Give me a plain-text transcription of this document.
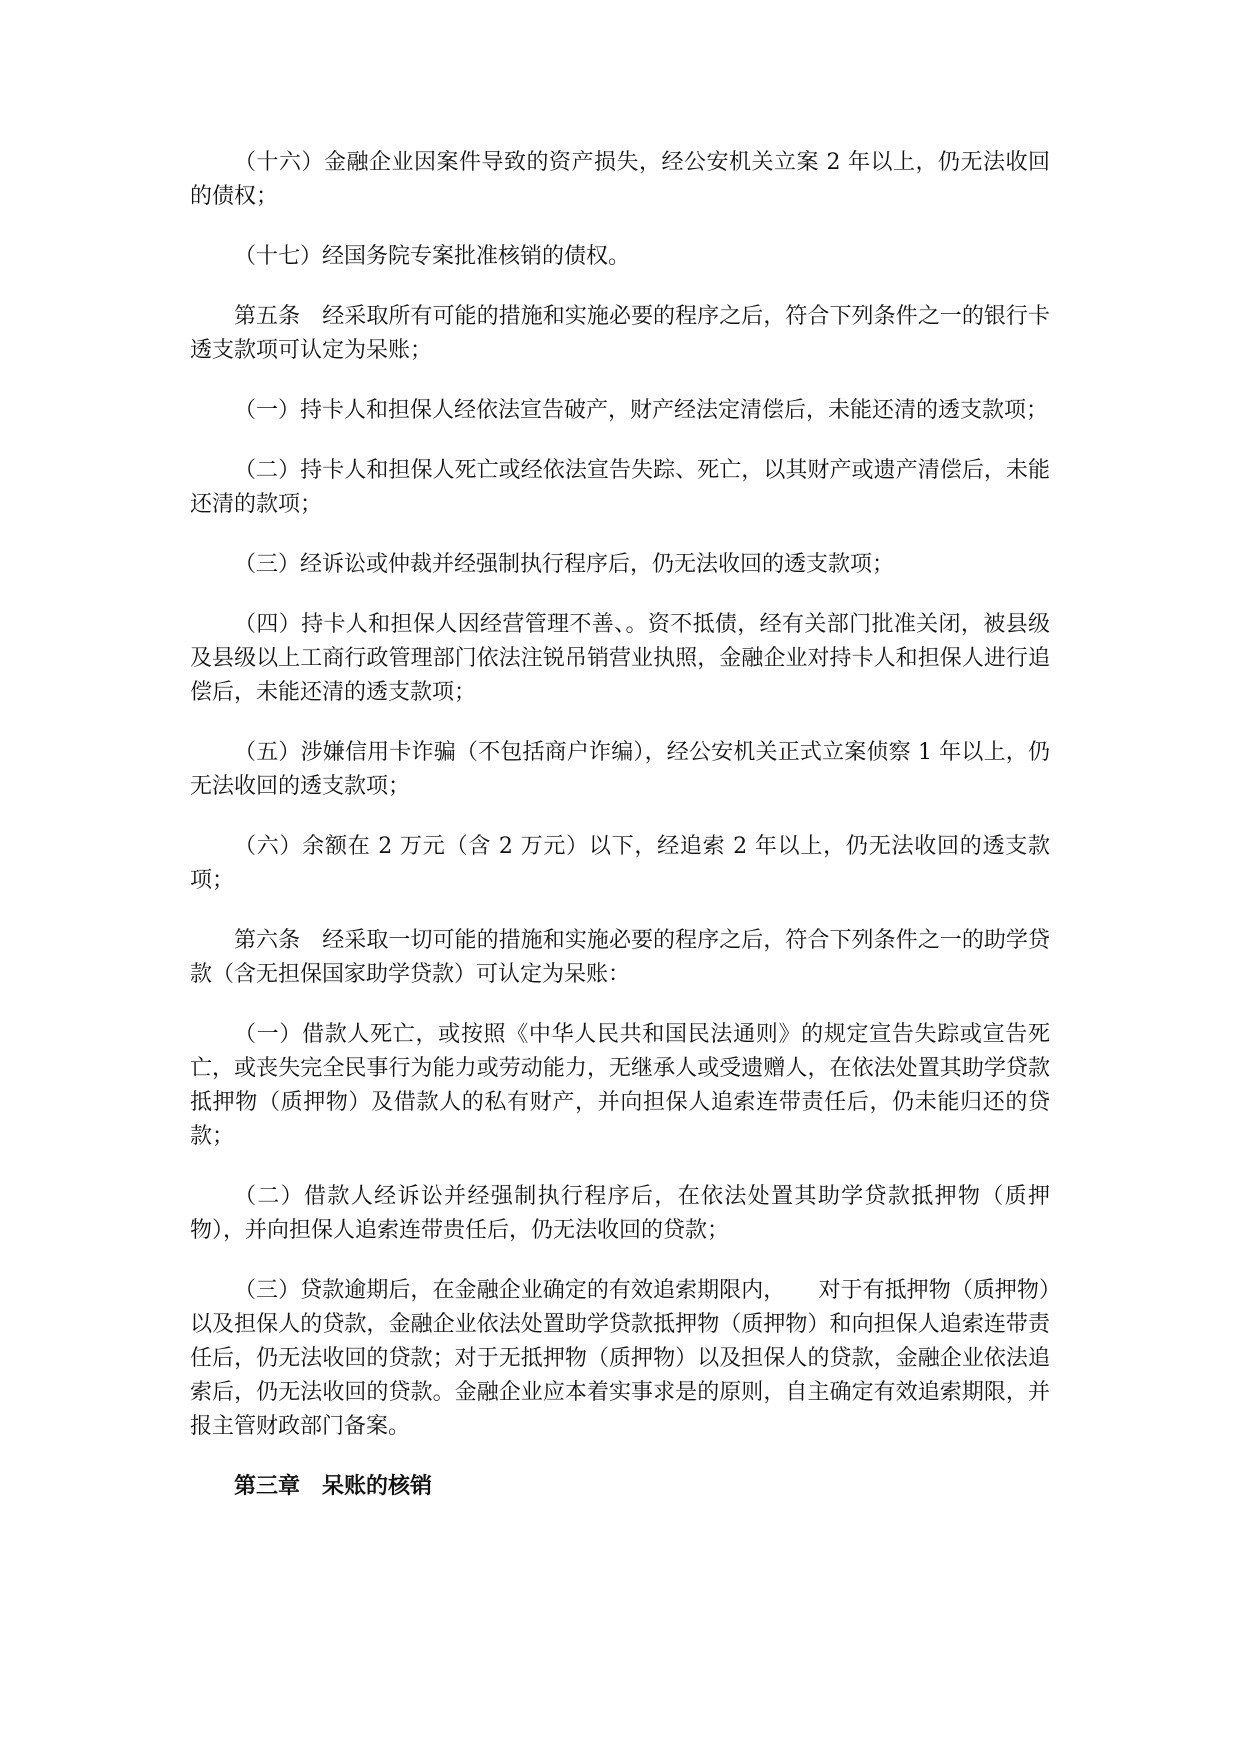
（十六）金融企业因案件导致的资产损失，经公安机关立案 2 年以上，仍无法收回的债权；

（十七）经国务院专案批准核销的债权。

第五条　经采取所有可能的措施和实施必要的程序之后，符合下列条件之一的银行卡透支款项可认定为呆账；

（一）持卡人和担保人经依法宣告破产，财产经法定清偿后，未能还清的透支款项；

（二）持卡人和担保人死亡或经依法宣告失踪、死亡，以其财产或遗产清偿后，未能还清的款项；

（三）经诉讼或仲裁并经强制执行程序后，仍无法收回的透支款项；

（四）持卡人和担保人因经营管理不善、。资不抵债，经有关部门批准关闭，被县级及县级以上工商行政管理部门依法注锐吊销营业执照，金融企业对持卡人和担保人进行追偿后，未能还清的透支款项；

（五）涉嫌信用卡诈骗（不包括商户诈编），经公安机关正式立案侦察 1 年以上，仍无法收回的透支款项；

（六）余额在 2 万元（含 2 万元）以下，经追索 2 年以上，仍无法收回的透支款项；

第六条　经采取一切可能的措施和实施必要的程序之后，符合下列条件之一的助学贷款（含无担保国家助学贷款）可认定为呆账：

（一）借款人死亡，或按照《中华人民共和国民法通则》的规定宣告失踪或宣告死亡，或丧失完全民事行为能力或劳动能力，无继承人或受遗赠人，在依法处置其助学贷款抵押物（质押物）及借款人的私有财产，并向担保人追索连带责任后，仍未能归还的贷款；

（二）借款人经诉讼并经强制执行程序后，在依法处置其助学贷款抵押物（质押物），并向担保人追索连带贵任后，仍无法收回的贷款；

（三）贷款逾期后，在金融企业确定的有效追索期限内，　　对于有抵押物（质押物）以及担保人的贷款，金融企业依法处置助学贷款抵押物（质押物）和向担保人追索连带责任后，仍无法收回的贷款；对于无抵押物（质押物）以及担保人的贷款，金融企业依法追索后，仍无法收回的贷款。金融企业应本着实事求是的原则，自主确定有效追索期限，并报主管财政部门备案。

第三章　呆账的核销
